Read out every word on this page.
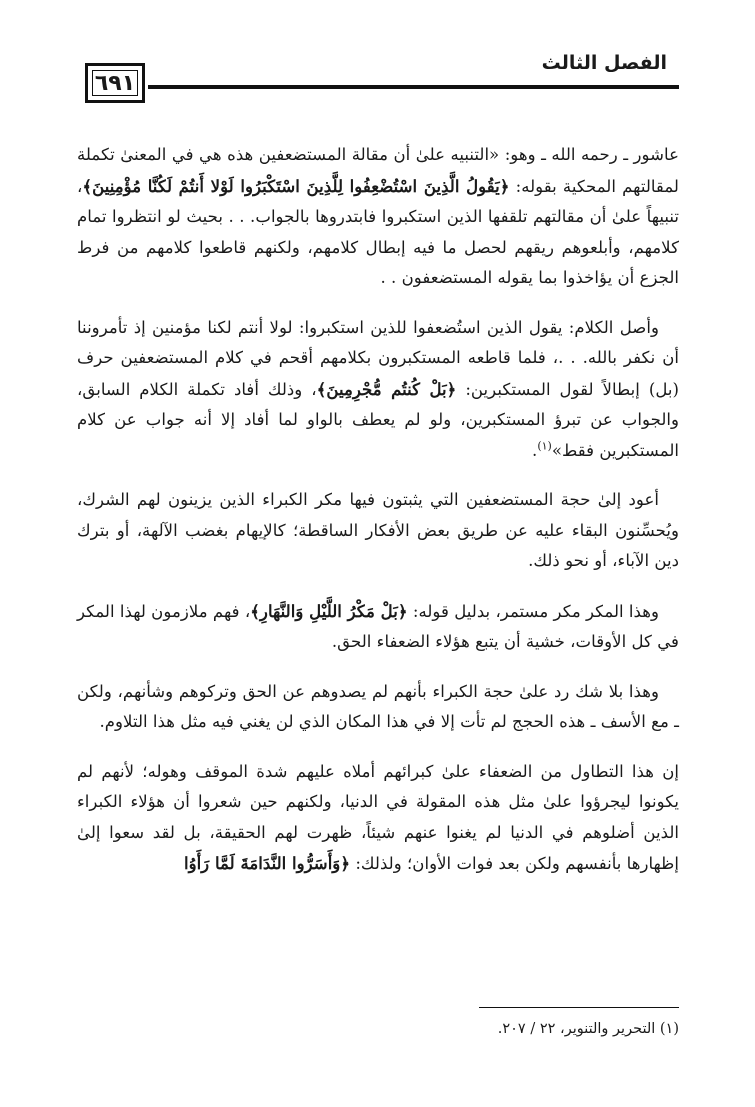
الفصل الثالث
٦٩١

عاشور ـ رحمه الله ـ وهو: «التنبيه علىٰ أن مقالة المستضعفين هذه هي في المعنىٰ تكملة لمقالتهم المحكية بقوله: ﴿يَقُولُ الَّذِينَ اسْتُضْعِفُوا لِلَّذِينَ اسْتَكْبَرُوا لَوْلا أَنتُمْ لَكُنَّا مُؤْمِنِينَ﴾، تنبيهاً علىٰ أن مقالتهم تلقفها الذين استكبروا فابتدروها بالجواب. . . بحيث لو انتظروا تمام كلامهم، وأبلعوهم ريقهم لحصل ما فيه إبطال كلامهم، ولكنهم قاطعوا كلامهم من فرط الجزع أن يؤاخذوا بما يقوله المستضعفون . .

وأصل الكلام: يقول الذين استُضعفوا للذين استكبروا: لولا أنتم لكنا مؤمنين إذ تأمروننا أن نكفر بالله. . .، فلما قاطعه المستكبرون بكلامهم أقحم في كلام المستضعفين حرف (بل) إبطالاً لقول المستكبرين: ﴿بَلْ كُنتُم مُّجْرِمِينَ﴾، وذلك أفاد تكملة الكلام السابق، والجواب عن تبرؤ المستكبرين، ولو لم يعطف بالواو لما أفاد إلا أنه جواب عن كلام المستكبرين فقط»$^{(١)}$.

أعود إلىٰ حجة المستضعفين التي يثبتون فيها مكر الكبراء الذين يزينون لهم الشرك، ويُحسِّنون البقاء عليه عن طريق بعض الأفكار الساقطة؛ كالإيهام بغضب الآلهة، أو بترك دين الآباء، أو نحو ذلك.

وهذا المكر مكر مستمر، بدليل قوله: ﴿بَلْ مَكْرُ اللَّيْلِ وَالنَّهَارِ﴾، فهم ملازمون لهذا المكر في كل الأوقات، خشية أن يتبع هؤلاء الضعفاء الحق.

وهذا بلا شك رد علىٰ حجة الكبراء بأنهم لم يصدوهم عن الحق وتركوهم وشأنهم، ولكن ـ مع الأسف ـ هذه الحجج لم تأت إلا في هذا المكان الذي لن يغني فيه مثل هذا التلاوم.

إن هذا التطاول من الضعفاء علىٰ كبرائهم أملاه عليهم شدة الموقف وهوله؛ لأنهم لم يكونوا ليجرؤوا علىٰ مثل هذه المقولة في الدنيا، ولكنهم حين شعروا أن هؤلاء الكبراء الذين أضلوهم في الدنيا لم يغنوا عنهم شيئاً، ظهرت لهم الحقيقة، بل لقد سعوا إلىٰ إظهارها بأنفسهم ولكن بعد فوات الأوان؛ ولذلك: ﴿وَأَسَرُّوا النَّدَامَةَ لَمَّا رَأَوُا

(١) التحرير والتنوير، ٢٢ / ٢٠٧.
